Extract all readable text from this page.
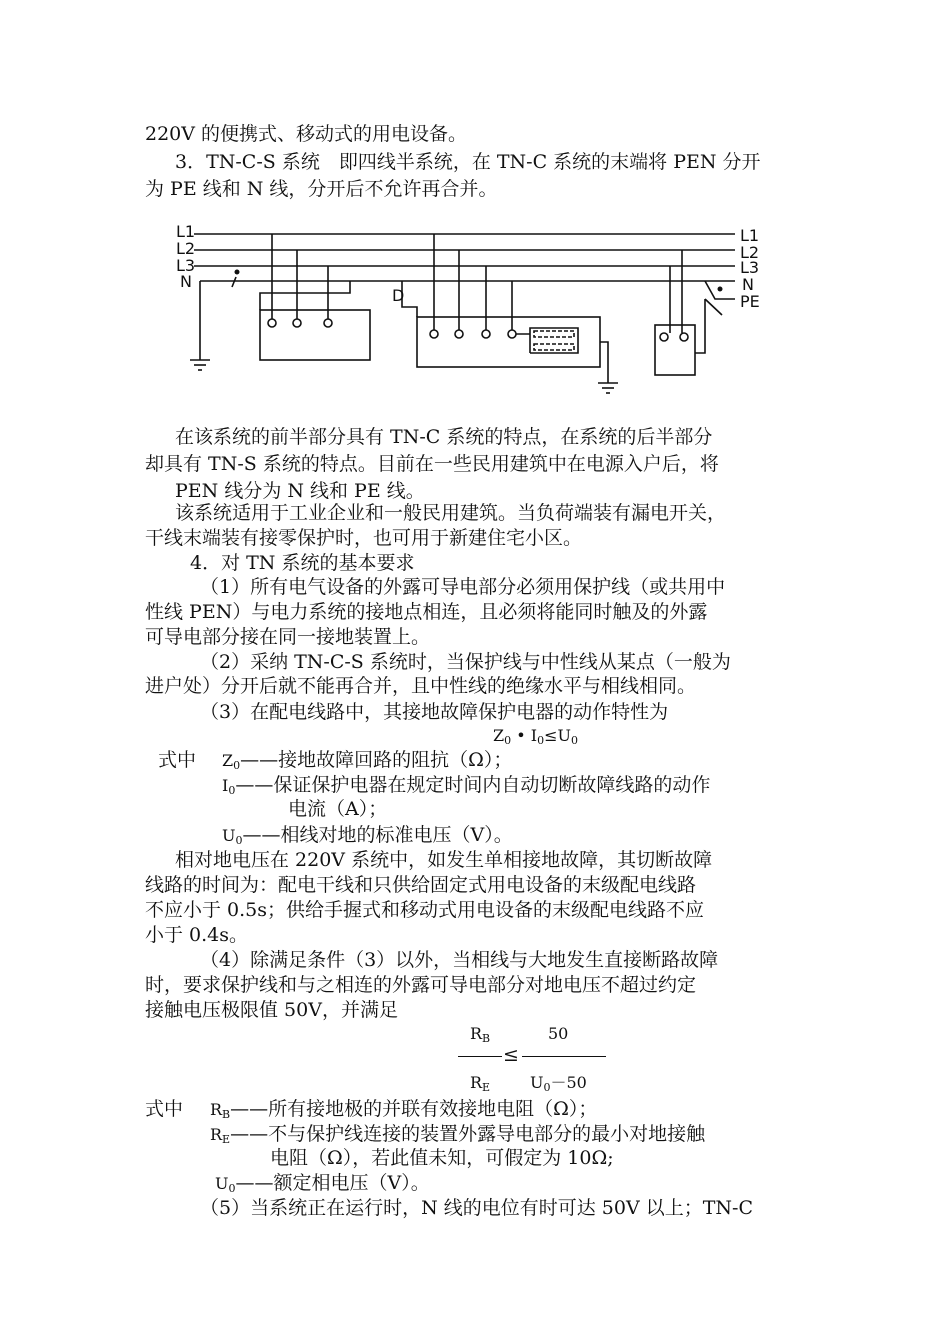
220V 的便携式、移动式的用电设备。
3．TN-C-S 系统　即四线半系统，在 TN-C 系统的末端将 PEN 分开
为 PE 线和 N 线，分开后不允许再合并。
L1
L2
L3
N
D
L1
L2
L3
N
PE
在该系统的前半部分具有 TN-C 系统的特点，在系统的后半部分
却具有 TN-S 系统的特点。目前在一些民用建筑中在电源入户后，将
PEN 线分为 N 线和 PE 线。
该系统适用于工业企业和一般民用建筑。当负荷端装有漏电开关，
干线末端装有接零保护时，也可用于新建住宅小区。
4．对 TN 系统的基本要求
（1）所有电气设备的外露可导电部分必须用保护线（或共用中
性线 PEN）与电力系统的接地点相连，且必须将能同时触及的外露
可导电部分接在同一接地装置上。
（2）采纳 TN-C-S 系统时，当保护线与中性线从某点（一般为
进户处）分开后就不能再合并，且中性线的绝缘水平与相线相同。
（3）在配电线路中，其接地故障保护电器的动作特性为
$Z_0$ • $I_0\le U_0$
式中 $Z_0——$接地故障回路的阻抗（Ω）；
$I_0——$保证保护电器在规定时间内自动切断故障线路的动作
电流（A）；
$U_0——$相线对地的标准电压（V）。
相对地电压在 220V 系统中，如发生单相接地故障，其切断故障
线路的时间为：配电干线和只供给固定式用电设备的末级配电线路
不应小于 0.5s；供给手握式和移动式用电设备的末级配电线路不应
小于 0.4s。
（4）除满足条件（3）以外，当相线与大地发生直接断路故障
时，要求保护线和与之相连的外露可导电部分对地电压不超过约定
接触电压极限值 50V，并满足
$R_B$	50
≤
$R_E$ $U_0-50$
式中 $R_B——$所有接地极的并联有效接地电阻（Ω）；
$R_E——$不与保护线连接的装置外露导电部分的最小对地接触
电阻（Ω），若此值未知，可假定为 10Ω;
$U_0——$额定相电压（V）。
（5）当系统正在运行时，N 线的电位有时可达 50V 以上；TN-C
